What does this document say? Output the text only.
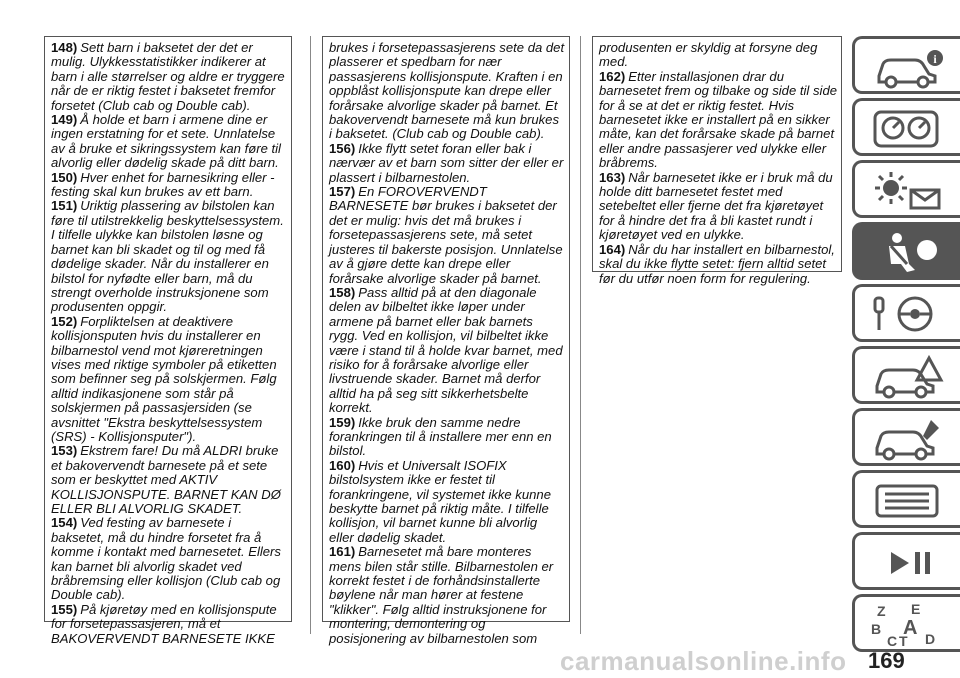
148) Sett barn i baksetet der det er mulig. Ulykkesstatistikker indikerer at barn i alle størrelser og aldre er tryggere når de er riktig festet i baksetet fremfor forsetet (Club cab og Double cab).

149) Å holde et barn i armene dine er ingen erstatning for et sete. Unnlatelse av å bruke et sikringssystem kan føre til alvorlig eller dødelig skade på ditt barn.

150) Hver enhet for barnesikring eller -festing skal kun brukes av ett barn.

151) Uriktig plassering av bilstolen kan føre til utilstrekkelig beskyttelsessystem. I tilfelle ulykke kan bilstolen løsne og barnet kan bli skadet og til og med få dødelige skader. Når du installerer en bilstol for nyfødte eller barn, må du strengt overholde instruksjonene som produsenten oppgir.

152) Forpliktelsen at deaktivere kollisjonsputen hvis du installerer en bilbarnestol vend mot kjøreretningen vises med riktige symboler på etiketten som befinner seg på solskjermen. Følg alltid indikasjonene som står på solskjermen på passasjersiden (se avsnittet "Ekstra beskyttelsessystem (SRS) - Kollisjonsputer").

153) Ekstrem fare! Du må ALDRI bruke et bakovervendt barnesete på et sete som er beskyttet med AKTIV KOLLISJONSPUTE. BARNET KAN DØ ELLER BLI ALVORLIG SKADET.

154) Ved festing av barnesete i baksetet, må du hindre forsetet fra å komme i kontakt med barnesetet. Ellers kan barnet bli alvorlig skadet ved bråbremsing eller kollisjon (Club cab og Double cab).

155) På kjøretøy med en kollisjonspute for forsetepassasjeren, må et BAKOVERVENDT BARNESETE IKKE

brukes i forsetepassasjerens sete da det plasserer et spedbarn for nær passasjerens kollisjonspute. Kraften i en oppblåst kollisjonspute kan drepe eller forårsake alvorlige skader på barnet. Et bakovervendt barnesete må kun brukes i baksetet. (Club cab og Double cab).

156) Ikke flytt setet foran eller bak i nærvær av et barn som sitter der eller er plassert i bilbarnestolen.

157) En FOROVERVENDT BARNESETE bør brukes i baksetet der det er mulig: hvis det må brukes i forsetepassasjerens sete, må setet justeres til bakerste posisjon. Unnlatelse av å gjøre dette kan drepe eller forårsake alvorlige skader på barnet.

158) Pass alltid på at den diagonale delen av bilbeltet ikke løper under armene på barnet eller bak barnets rygg. Ved en kollisjon, vil bilbeltet ikke være i stand til å holde kvar barnet, med risiko for å forårsake alvorlige eller livstruende skader. Barnet må derfor alltid ha på seg sitt sikkerhetsbelte korrekt.

159) Ikke bruk den samme nedre forankringen til å installere mer enn en bilstol.

160) Hvis et Universalt ISOFIX bilstolsystem ikke er festet til forankringene, vil systemet ikke kunne beskytte barnet på riktig måte. I tilfelle kollisjon, vil barnet kunne bli alvorlig eller dødelig skadet.

161) Barnesetet må bare monteres mens bilen står stille. Bilbarnestolen er korrekt festet i de forhåndsinstallerte bøylene når man hører at festene "klikker". Følg alltid instruksjonene for montering, demontering og posisjonering av bilbarnestolen som

produsenten er skyldig at forsyne deg med.

162) Etter installasjonen drar du barnesetet frem og tilbake og side til side for å se at det er riktig festet. Hvis barnesetet ikke er installert på en sikker måte, kan det forårsake skade på barnet eller andre passasjerer ved ulykke eller bråbrems.

163) Når barnesetet ikke er i bruk må du holde ditt barnesetet festet med setebeltet eller fjerne det fra kjøretøyet for å hindre det fra å bli kastet rundt i kjøretøyet ved en ulykke.

164) Når du har installert en bilbarnestol, skal du ikke flytte setet: fjern alltid setet før du utfør noen form for regulering.

i
Z E
B A
C T D
carmanualsonline.info 169
